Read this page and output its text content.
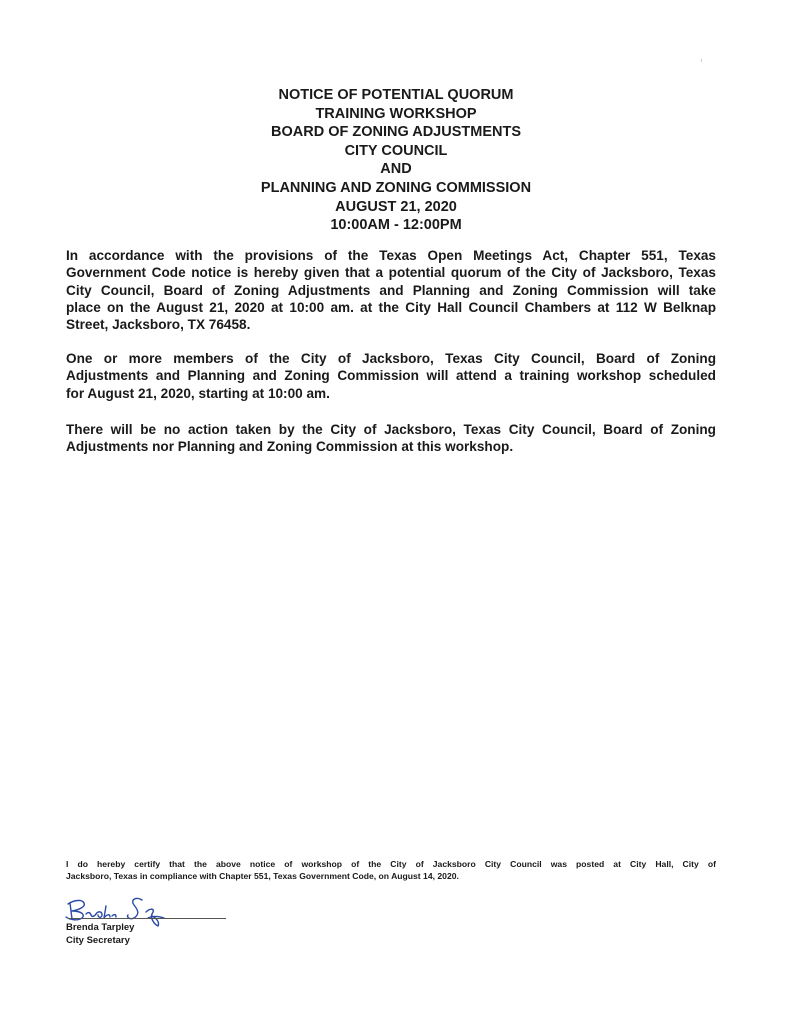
NOTICE OF POTENTIAL QUORUM
TRAINING WORKSHOP
BOARD OF ZONING ADJUSTMENTS
CITY COUNCIL
AND
PLANNING AND ZONING COMMISSION
AUGUST 21, 2020
10:00AM - 12:00PM
In accordance with the provisions of the Texas Open Meetings Act, Chapter 551, Texas
Government Code notice is hereby given that a potential quorum of the City of Jacksboro, Texas
City Council, Board of Zoning Adjustments and Planning and Zoning Commission will take
place on the August 21, 2020 at 10:00 am. at the City Hall Council Chambers at 112 W Belknap
Street, Jacksboro, TX 76458.
One or more members of the City of Jacksboro, Texas City Council, Board of Zoning
Adjustments and Planning and Zoning Commission will attend a training workshop scheduled
for August 21, 2020, starting at 10:00 am.
There will be no action taken by the City of Jacksboro, Texas City Council, Board of Zoning
Adjustments nor Planning and Zoning Commission at this workshop.
I do hereby certify that the above notice of workshop of the City of Jacksboro City Council was posted at City Hall, City of
Jacksboro, Texas in compliance with Chapter 551, Texas Government Code, on August 14, 2020.
Brenda Tarpley
City Secretary
